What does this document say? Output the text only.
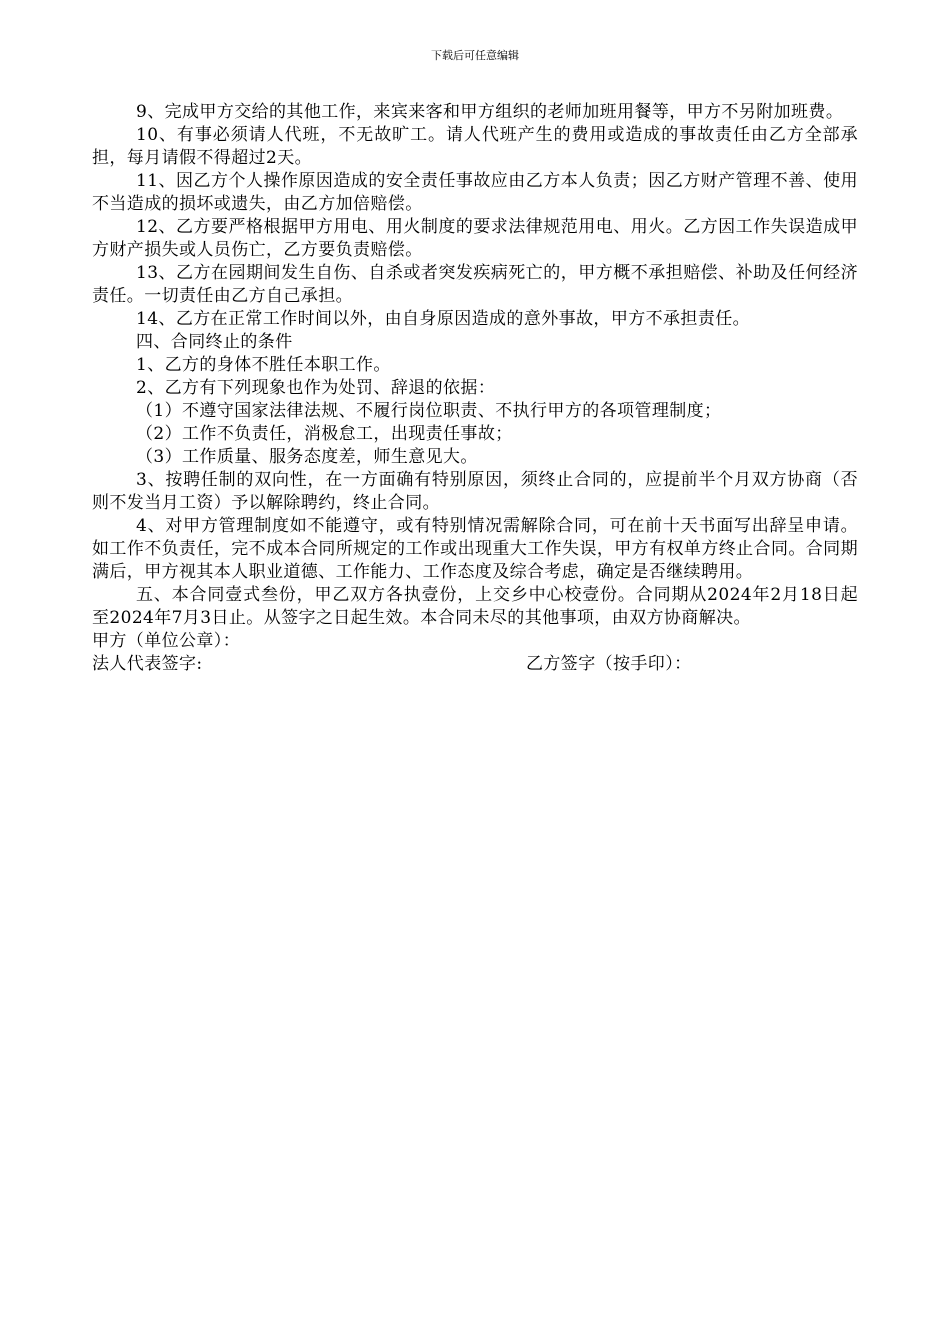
下载后可任意编辑

9、完成甲方交给的其他工作，来宾来客和甲方组织的老师加班用餐等，甲方不另附加班费。

10、有事必须请人代班，不无故旷工。请人代班产生的费用或造成的事故责任由乙方全部承担，每月请假不得超过2天。

11、因乙方个人操作原因造成的安全责任事故应由乙方本人负责；因乙方财产管理不善、使用不当造成的损坏或遗失，由乙方加倍赔偿。

12、乙方要严格根据甲方用电、用火制度的要求法律规范用电、用火。乙方因工作失误造成甲方财产损失或人员伤亡，乙方要负责赔偿。

13、乙方在园期间发生自伤、自杀或者突发疾病死亡的，甲方概不承担赔偿、补助及任何经济责任。一切责任由乙方自己承担。

14、乙方在正常工作时间以外，由自身原因造成的意外事故，甲方不承担责任。

四、合同终止的条件

1、乙方的身体不胜任本职工作。

2、乙方有下列现象也作为处罚、辞退的依据：

（1）不遵守国家法律法规、不履行岗位职责、不执行甲方的各项管理制度；

（2）工作不负责任，消极怠工，出现责任事故；

（3）工作质量、服务态度差，师生意见大。

3、按聘任制的双向性，在一方面确有特别原因，须终止合同的，应提前半个月双方协商（否则不发当月工资）予以解除聘约，终止合同。

4、对甲方管理制度如不能遵守，或有特别情况需解除合同，可在前十天书面写出辞呈申请。如工作不负责任，完不成本合同所规定的工作或出现重大工作失误，甲方有权单方终止合同。合同期满后，甲方视其本人职业道德、工作能力、工作态度及综合考虑，确定是否继续聘用。

五、本合同壹式叁份，甲乙双方各执壹份，上交乡中心校壹份。合同期从2024年2月18日起至2024年7月3日止。从签字之日起生效。本合同未尽的其他事项，由双方协商解决。

甲方（单位公章）：

法人代表签字:	乙方签字（按手印）：
